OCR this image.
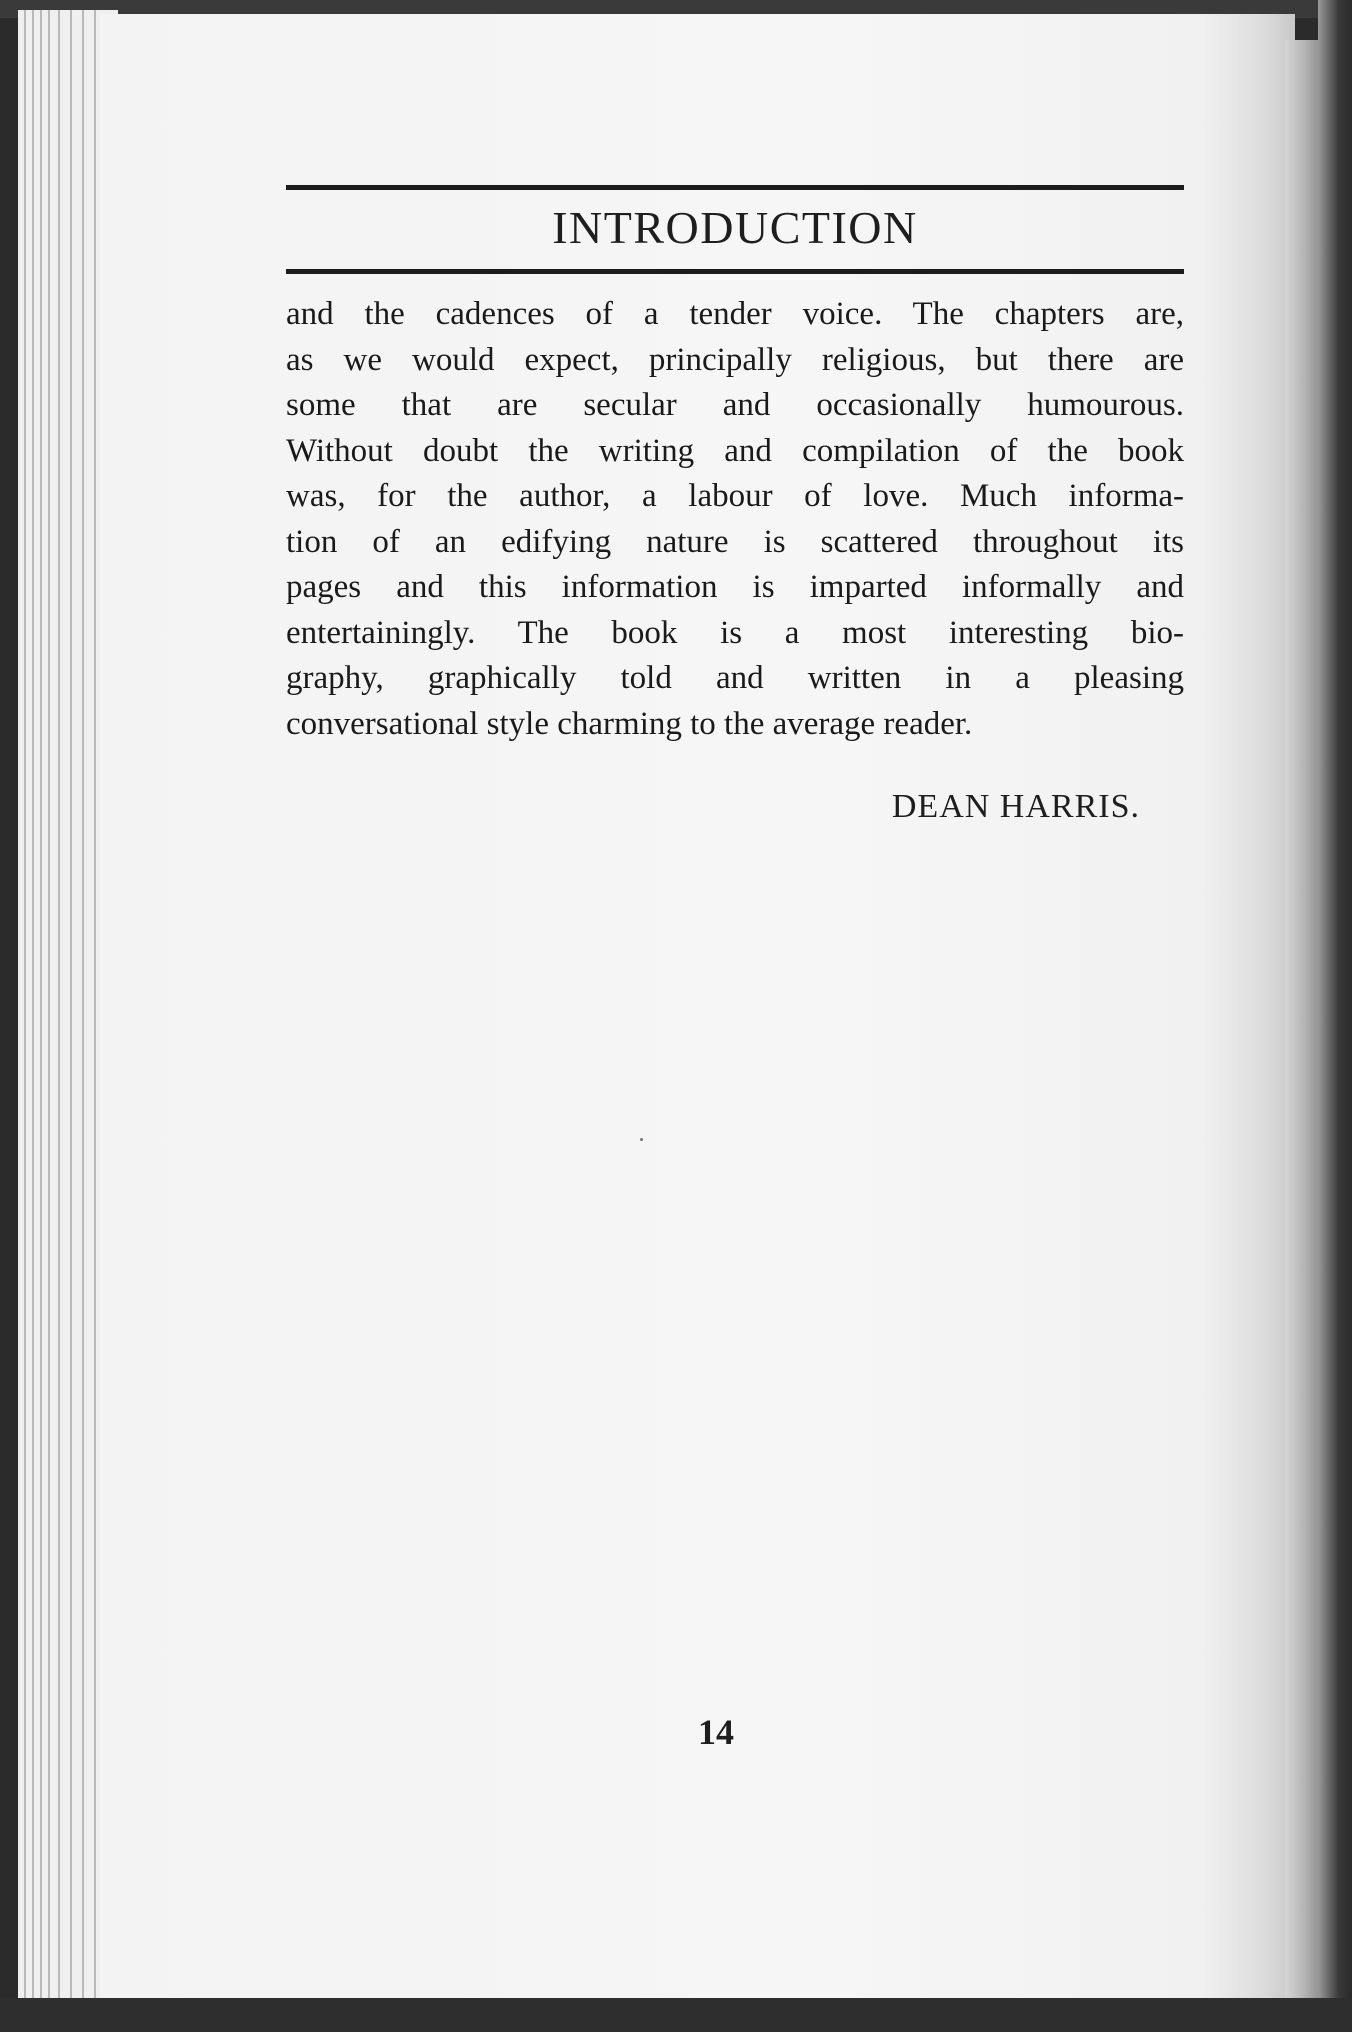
INTRODUCTION
and the cadences of a tender voice. The chapters are,
as we would expect, principally religious, but there are
some that are secular and occasionally humourous.
Without doubt the writing and compilation of the book
was, for the author, a labour of love. Much informa-
tion of an edifying nature is scattered throughout its
pages and this information is imparted informally and
entertainingly. The book is a most interesting bio-
graphy, graphically told and written in a pleasing
conversational style charming to the average reader.
DEAN HARRIS.
14
